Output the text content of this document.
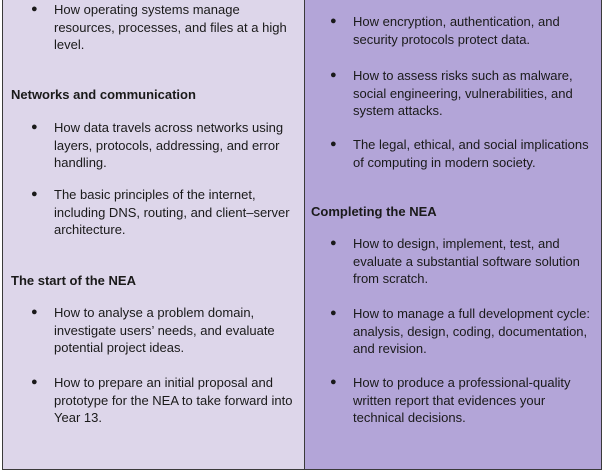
● How operating systems manage resources, processes, and files at a high level.
Networks and communication
● How data travels across networks using layers, protocols, addressing, and error handling.
● The basic principles of the internet, including DNS, routing, and client–server architecture.
The start of the NEA
● How to analyse a problem domain, investigate users’ needs, and evaluate potential project ideas.
● How to prepare an initial proposal and prototype for the NEA to take forward into Year 13.
● How encryption, authentication, and security protocols protect data.
● How to assess risks such as malware, social engineering, vulnerabilities, and system attacks.
● The legal, ethical, and social implications of computing in modern society.
Completing the NEA
● How to design, implement, test, and evaluate a substantial software solution from scratch.
● How to manage a full development cycle: analysis, design, coding, documentation, and revision.
● How to produce a professional-quality written report that evidences your technical decisions.
